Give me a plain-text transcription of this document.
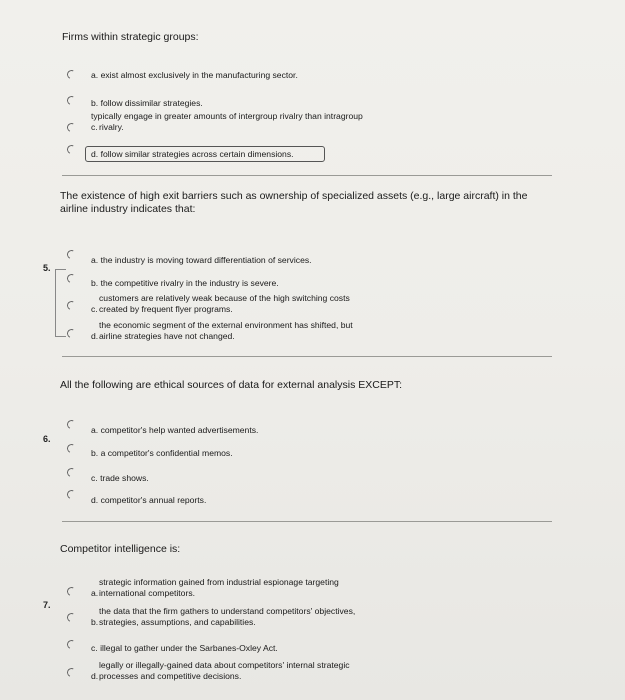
Firms within strategic groups:
a. exist almost exclusively in the manufacturing sector.
b. follow dissimilar strategies.
typically engage in greater amounts of intergroup rivalry than intragroup
rivalry.
c.
d. follow similar strategies across certain dimensions.
The existence of high exit barriers such as ownership of specialized assets (e.g., large aircraft) in the
airline industry indicates that:
5.
a. the industry is moving toward differentiation of services.
b. the competitive rivalry in the industry is severe.
customers are relatively weak because of the high switching costs
created by frequent flyer programs.
c.
the economic segment of the external environment has shifted, but
airline strategies have not changed.
d.
All the following are ethical sources of data for external analysis EXCEPT:
6.
a. competitor's help wanted advertisements.
b. a competitor's confidential memos.
c. trade shows.
d. competitor's annual reports.
Competitor intelligence is:
7.
strategic information gained from industrial espionage targeting
international competitors.
a.
the data that the firm gathers to understand competitors' objectives,
strategies, assumptions, and capabilities.
b.
c. illegal to gather under the Sarbanes-Oxley Act.
legally or illegally-gained data about competitors' internal strategic
processes and competitive decisions.
d.
